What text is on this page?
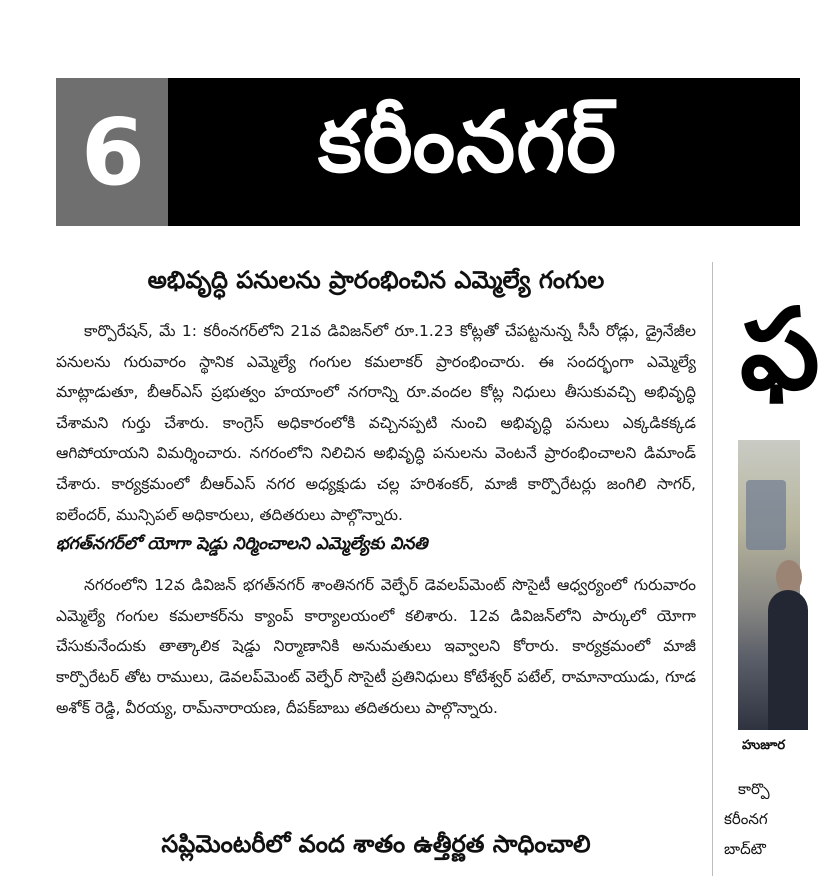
6 కరీంనగర్
అభివృద్ధి పనులను ప్రారంభించిన ఎమ్మెల్యే గంగుల

కార్పొరేషన్, మే 1: కరీంనగర్‌లోని 21వ డివిజన్‌లో రూ.1.23 కోట్లతో చేపట్టనున్న సీసీ రోడ్లు, డ్రైనేజీల పనులను గురువారం స్థానిక ఎమ్మెల్యే గంగుల కమలాకర్ ప్రారంభించారు. ఈ సందర్భంగా ఎమ్మెల్యే మాట్లాడుతూ, బీఆర్‌ఎస్ ప్రభుత్వం హయాంలో నగరాన్ని రూ.వందల కోట్ల నిధులు తీసుకువచ్చి అభివృద్ధి చేశామని గుర్తు చేశారు. కాంగ్రెస్ అధికారంలోకి వచ్చినప్పటి నుంచి అభివృద్ధి పనులు ఎక్కడికక్కడ ఆగిపోయాయని విమర్శించారు. నగరంలోని నిలిచిన అభివృద్ధి పనులను వెంటనే ప్రారంభించాలని డిమాండ్ చేశారు. కార్యక్రమంలో బీఆర్‌ఎస్ నగర అధ్యక్షుడు చల్ల హరిశంకర్, మాజీ కార్పొరేటర్లు జంగిలి సాగర్, ఐలేందర్, మున్సిపల్ అధికారులు, తదితరులు పాల్గొన్నారు.

భగత్‌నగర్‌లో యోగా షెడ్డు నిర్మించాలని ఎమ్మెల్యేకు వినతి

నగరంలోని 12వ డివిజన్ భగత్‌నగర్ శాంతినగర్ వెల్ఫేర్ డెవలప్‌మెంట్ సొసైటీ ఆధ్వర్యంలో గురువారం ఎమ్మెల్యే గంగుల కమలాకర్‌ను క్యాంప్ కార్యాలయంలో కలిశారు. 12వ డివిజన్‌లోని పార్కులో యోగా చేసుకునేందుకు తాత్కాలిక షెడ్డు నిర్మాణానికి అనుమతులు ఇవ్వాలని కోరారు. కార్యక్రమంలో మాజీ కార్పొరేటర్ తోట రాములు, డెవలప్‌మెంట్ వెల్ఫేర్ సొసైటీ ప్రతినిధులు కోటేశ్వర్ పటేల్, రామానాయుడు, గూడ అశోక్ రెడ్డి, వీరయ్య, రామ్‌నారాయణ, దీపక్‌బాబు తదితరులు పాల్గొన్నారు.

సప్లిమెంటరీలో వంద శాతం ఉత్తీర్ణత సాధించాలి
ఫ
హుజూర
కార్పొ
కరీంనగ
బాద్‌టౌ
